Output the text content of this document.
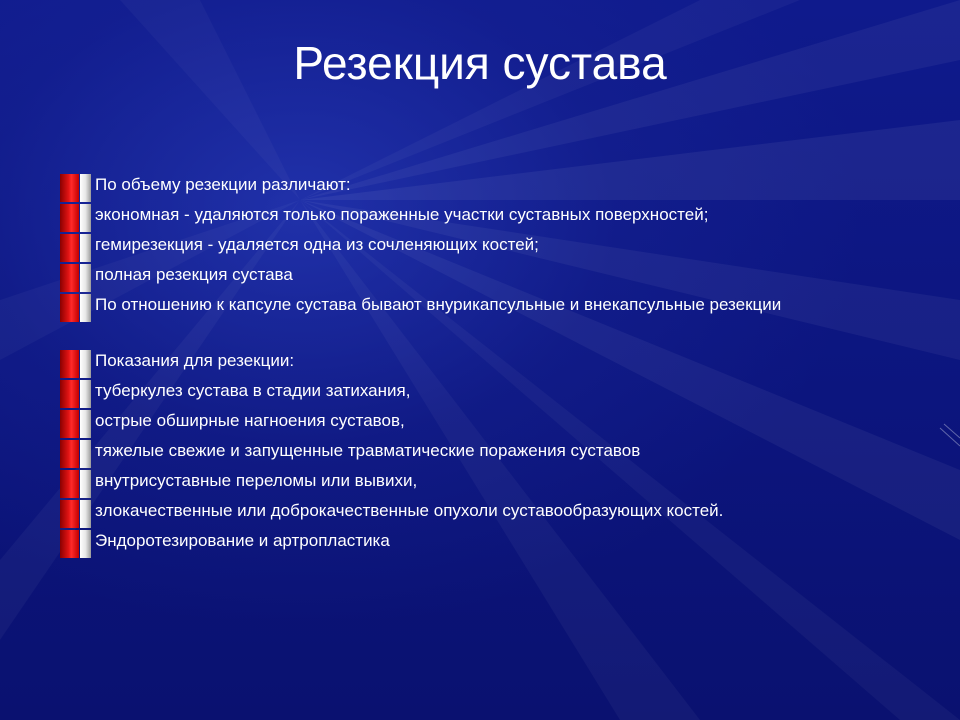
Резекция сустава
По объему резекции различают:
экономная - удаляются только пораженные участки суставных поверхностей;
гемирезекция - удаляется одна из сочленяющих костей;
полная резекция сустава
По отношению к капсуле сустава бывают внурикапсульные и внекапсульные резекции
Показания для резекции:
туберкулез сустава в стадии затихания,
острые обширные нагноения суставов,
тяжелые свежие и запущенные травматические поражения суставов
внутрисуставные переломы или вывихи,
злокачественные или доброкачественные опухоли суставообразующих костей.
Эндоротезирование и артропластика
